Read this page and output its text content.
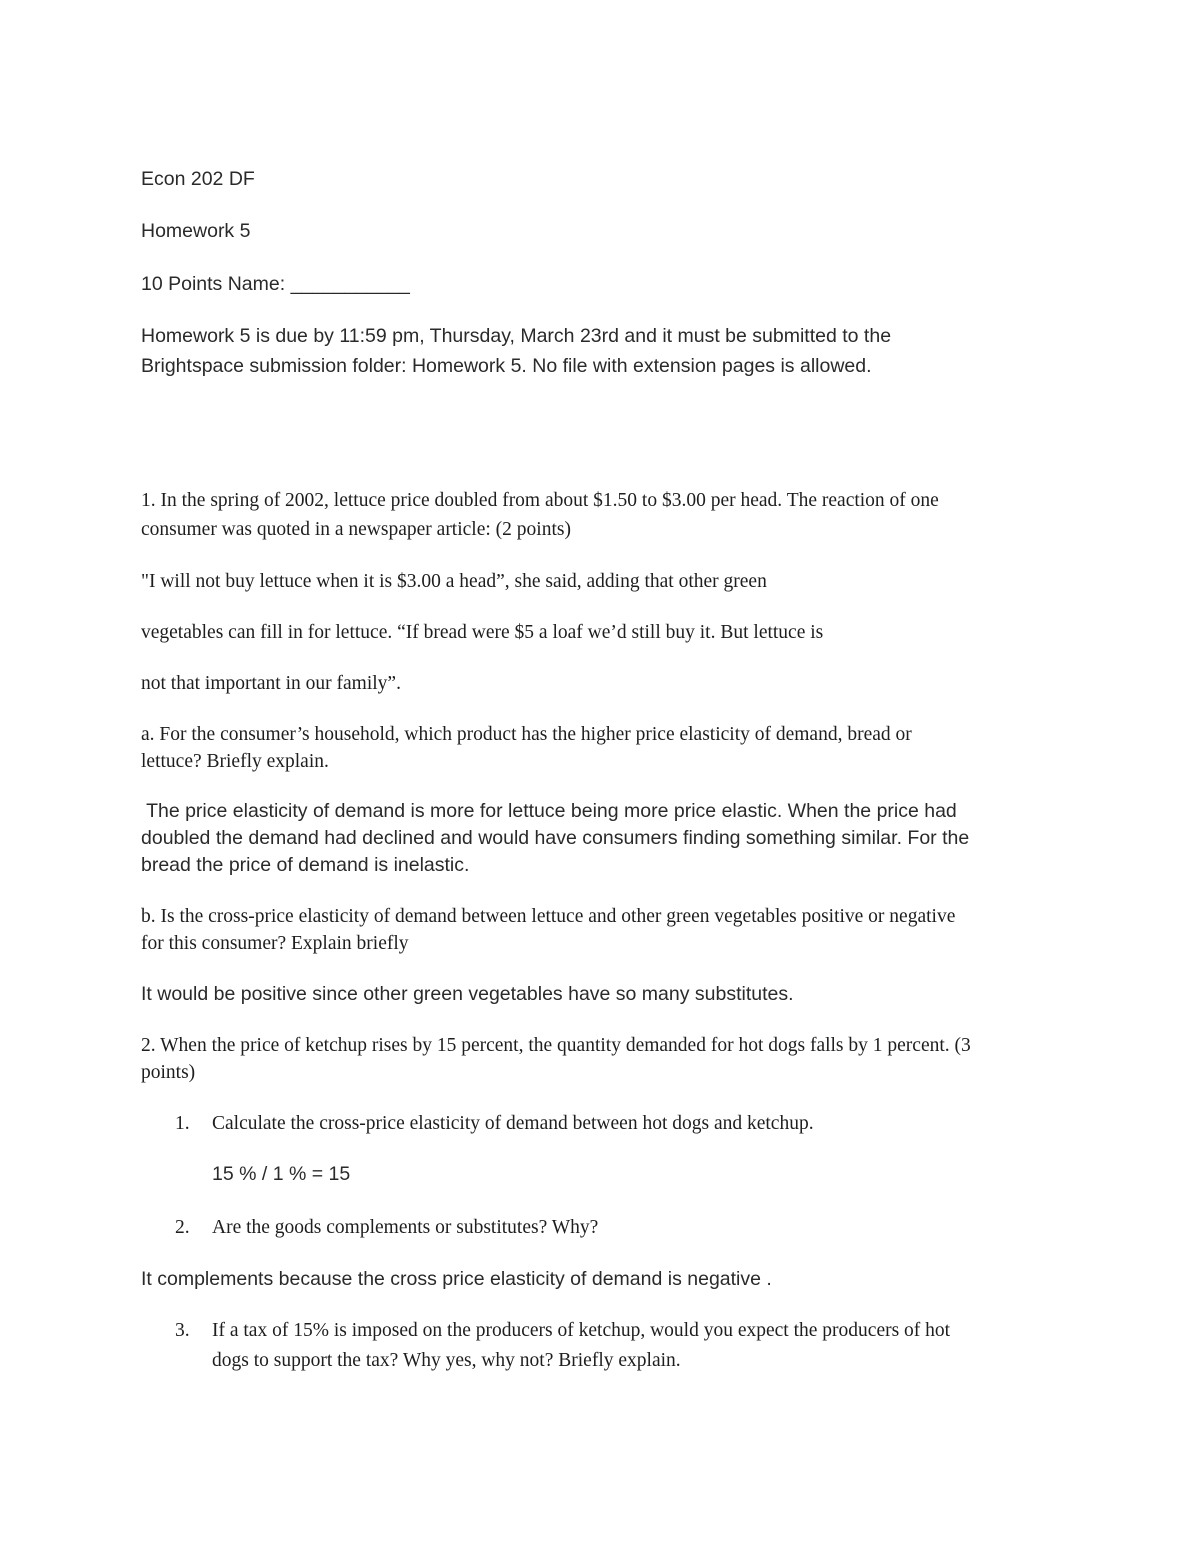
Econ 202 DF

Homework 5

10 Points Name: ___________

Homework 5 is due by 11:59 pm, Thursday, March 23rd and it must be submitted to the

Brightspace submission folder: Homework 5. No file with extension pages is allowed.

1. In the spring of 2002, lettuce price doubled from about $1.50 to $3.00 per head. The reaction of one

consumer was quoted in a newspaper article: (2 points)

"I will not buy lettuce when it is $3.00 a head”, she said, adding that other green

vegetables can fill in for lettuce. “If bread were $5 a loaf we’d still buy it. But lettuce is

not that important in our family”.

a. For the consumer’s household, which product has the higher price elasticity of demand, bread or

lettuce? Briefly explain.

The price elasticity of demand is more for lettuce being more price elastic. When the price had

doubled the demand had declined and would have consumers finding something similar. For the

bread the price of demand is inelastic.

b. Is the cross-price elasticity of demand between lettuce and other green vegetables positive or negative

for this consumer? Explain briefly

It would be positive since other green vegetables have so many substitutes.

2. When the price of ketchup rises by 15 percent, the quantity demanded for hot dogs falls by 1 percent. (3

points)

1. Calculate the cross-price elasticity of demand between hot dogs and ketchup.

15 % / 1 % = 15

2. Are the goods complements or substitutes? Why?

It complements because the cross price elasticity of demand is negative .

3. If a tax of 15% is imposed on the producers of ketchup, would you expect the producers of hot

dogs to support the tax? Why yes, why not? Briefly explain.
